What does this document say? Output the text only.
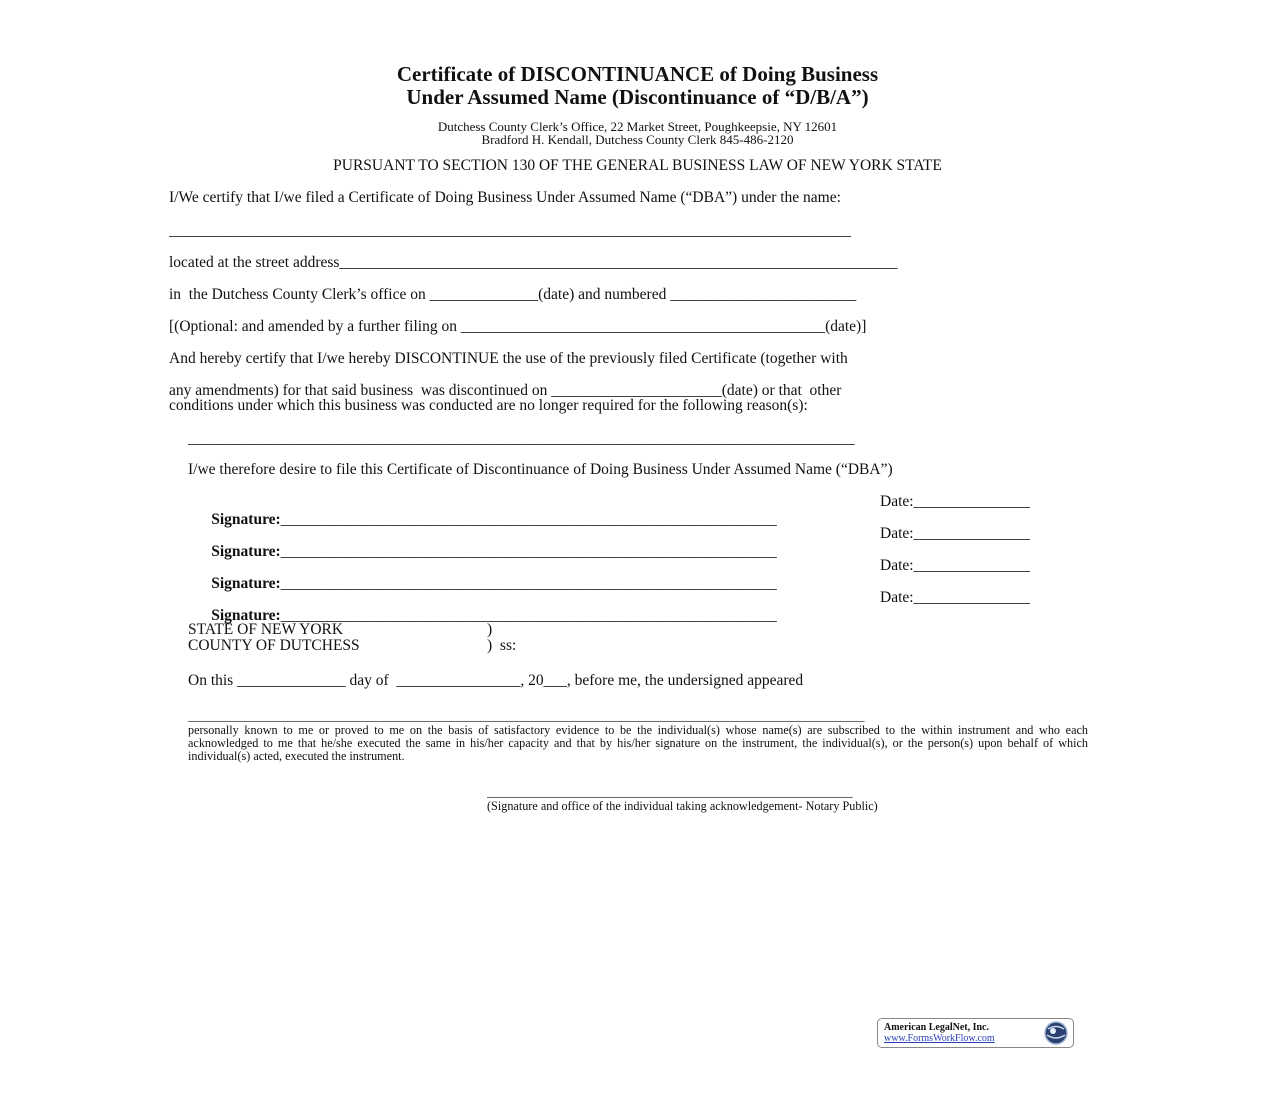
Certificate of DISCONTINUANCE of Doing Business
Under Assumed Name (Discontinuance of “D/B/A”)
Dutchess County Clerk’s Office, 22 Market Street, Poughkeepsie, NY 12601
Bradford H. Kendall, Dutchess County Clerk 845-486-2120
PURSUANT TO SECTION 130 OF THE GENERAL BUSINESS LAW OF NEW YORK STATE
I/We certify that I/we filed a Certificate of Doing Business Under Assumed Name (“DBA”) under the name:
________________________________________________________________________________________
located at the street address________________________________________________________________________
in  the Dutchess County Clerk’s office on ______________(date) and numbered ________________________
[(Optional: and amended by a further filing on _______________________________________________(date)]
And hereby certify that I/we hereby DISCONTINUE the use of the previously filed Certificate (together with
any amendments) for that said business  was discontinued on ______________________(date) or that  other
conditions under which this business was conducted are no longer required for the following reason(s):
______________________________________________________________________________________
I/we therefore desire to file this Certificate of Discontinuance of Doing Business Under Assumed Name (“DBA”)

Signature:________________________________________________________________

Date:_______________

Signature:________________________________________________________________

Date:_______________

Signature:________________________________________________________________

Date:_______________

Signature:________________________________________________________________

Date:_______________
STATE OF NEW YORK	)
COUNTY OF DUTCHESS	)  ss:
On this ______________ day of  ________________, 20___, before me, the undersigned appeared
_______________________________________________________________________________________________________________

personally known to me or proved to me on the basis of satisfactory evidence to be the individual(s) whose name(s) are subscribed to the within instrument and who each acknowledged to me that he/she executed the same in his/her capacity and that by his/her signature on the instrument, the individual(s), or the person(s) upon behalf of which individual(s) acted, executed the instrument.

____________________________________________________________
(Signature and office of the individual taking acknowledgement- Notary Public)
American LegalNet, Inc.
www.FormsWorkFlow.com
